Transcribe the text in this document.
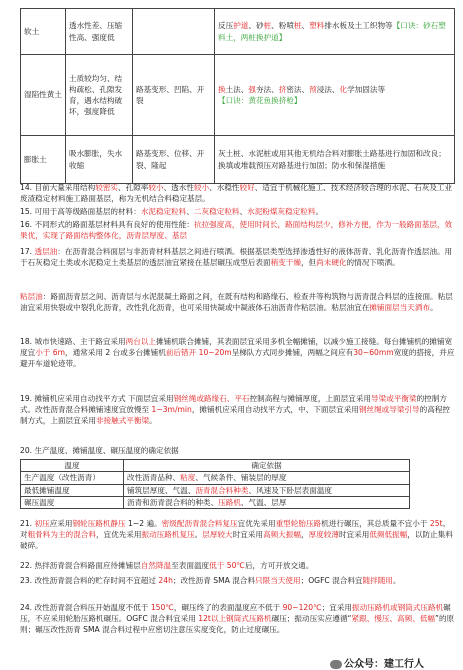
软土	透水性差、压缩性高、强度低		反压护道、砂桩、粉喷桩、塑料排水板及土工织物等【口诀：砂石塑料土，两桩换护道】
湿陷性黄土	土质较均匀、结构疏松、孔隙发育，遇水结构破坏，强度降低	路基变形、凹陷、开裂	换土法、强夯法、挤密法、预浸法、化学加固法等
【口诀：黄花鱼换挤枪】
膨胀土	吸水膨胀，失水收缩	路基变形、位移、开裂、隆起	灰土桩、水泥桩或用其他无机结合料对膨胀土路基进行加固和改良；换填或堆载预压对路基进行加固；防水和保湿措施
14. 目前大量采用结构较密实、孔隙率较小、透水性较小、水稳性较好、适宜于机械化施工、技术经济较合理的水泥、石灰及工业废渣稳定材料施工路面基层，称为无机结合料稳定基层。
15. 可用于高等级路面基层的材料：水泥稳定粒料、二灰稳定粒料、水泥粉煤灰稳定粒料。
16. 不同形式的路面基层材料具有良好的使用性能：抗拉强度高，使用时间长，路面结构层少，修补方便，作为一般路面基层，效果优，实现了路面结构整体化，沥青层厚度、基层
17. 透层油：在沥青混合料面层与非沥青材料基层之间进行喷洒。根据基层类型选择渗透性好的液体沥青、乳化沥青作透层油。用于石灰稳定土类或水泥稳定土类基层的透层油宜紧接在基层碾压成型后表面稍变干燥，但尚未硬化的情况下喷洒。
粘层油：路面沥青层之间、沥青层与水泥混凝土路面之间，在既有结构和路缘石、检查井等构筑物与沥青混合料层的连接面。粘层油宜采用快裂或中裂乳化沥青，改性乳化沥青，也可采用快凝或中凝液体石油沥青作粘层油。粘层油宜在摊铺面层当天洒布。
18. 城市快速路、主干路宜采用两台以上摊铺机联合摊铺，其表面层宜采用多机全幅摊铺，以减少施工接缝。每台摊铺机的摊铺宽度宜小于 6m，通常采用 2 台或多台摊铺机前后错开 10~20m呈梯队方式同步摊铺，两幅之间应有30~60mm宽度的搭接，并应避开车道轮迹带。
19. 摊铺机应采用自动找平方式 下面层宜采用钢丝绳或路缘石、平石控制高程与摊铺厚度，上面层宜采用导梁或平衡梁的控制方式。改性沥青混合料摊铺速度宜放慢至 1~3m/min，摊铺机应采用自动找平方式，中、下面层宜采用钢丝绳或导梁引导的高程控制方式，上面层宜采用非接触式平衡梁。
20. 生产温度、摊铺温度、碾压温度的确定依据
温度	确定依据
生产温度（改性沥青）	改性沥青品种、粘度、气候条件、铺装层的厚度
最低摊铺温度	铺筑层厚度、气温、沥青混合料种类、风速及下卧层表面温度
碾压温度	沥青和沥青混合料的种类、压路机、气温、层厚
21. 初压应采用钢轮压路机静压 1~2 遍。密级配沥青混合料复压宜优先采用重型轮胎压路机进行碾压，其总质量不宜小于 25t。对粗骨料为主的混合料，宜优先采用振动压路机复压。层厚较大时宜采用高频大振幅，厚度较薄时宜采用低频低振幅，以防止集料破碎。
22. 热拌沥青混合料路面应待摊铺层自然降温至表面温度低于 50℃后，方可开放交通。
23. 改性沥青混合料的贮存时间不宜超过 24h；改性沥青 SMA 混合料只限当天使用；OGFC 混合料宜随拌随用。
24. 改性沥青混合料压开始温度不低于 150℃，碾压终了的表面温度应不低于 90~120℃；宜采用振动压路机或钢筒式压路机碾压，不应采用轮胎压路机碾压。OGFC 混合料宜采用 12t以上钢筒式压路机碾压；振动压实应遵循“紧跟、慢压、高频、低幅”的原则；碾压改性沥青 SMA 混合料过程中应密切注意压实度变化，防止过度碾压。
公众号：建工行人
